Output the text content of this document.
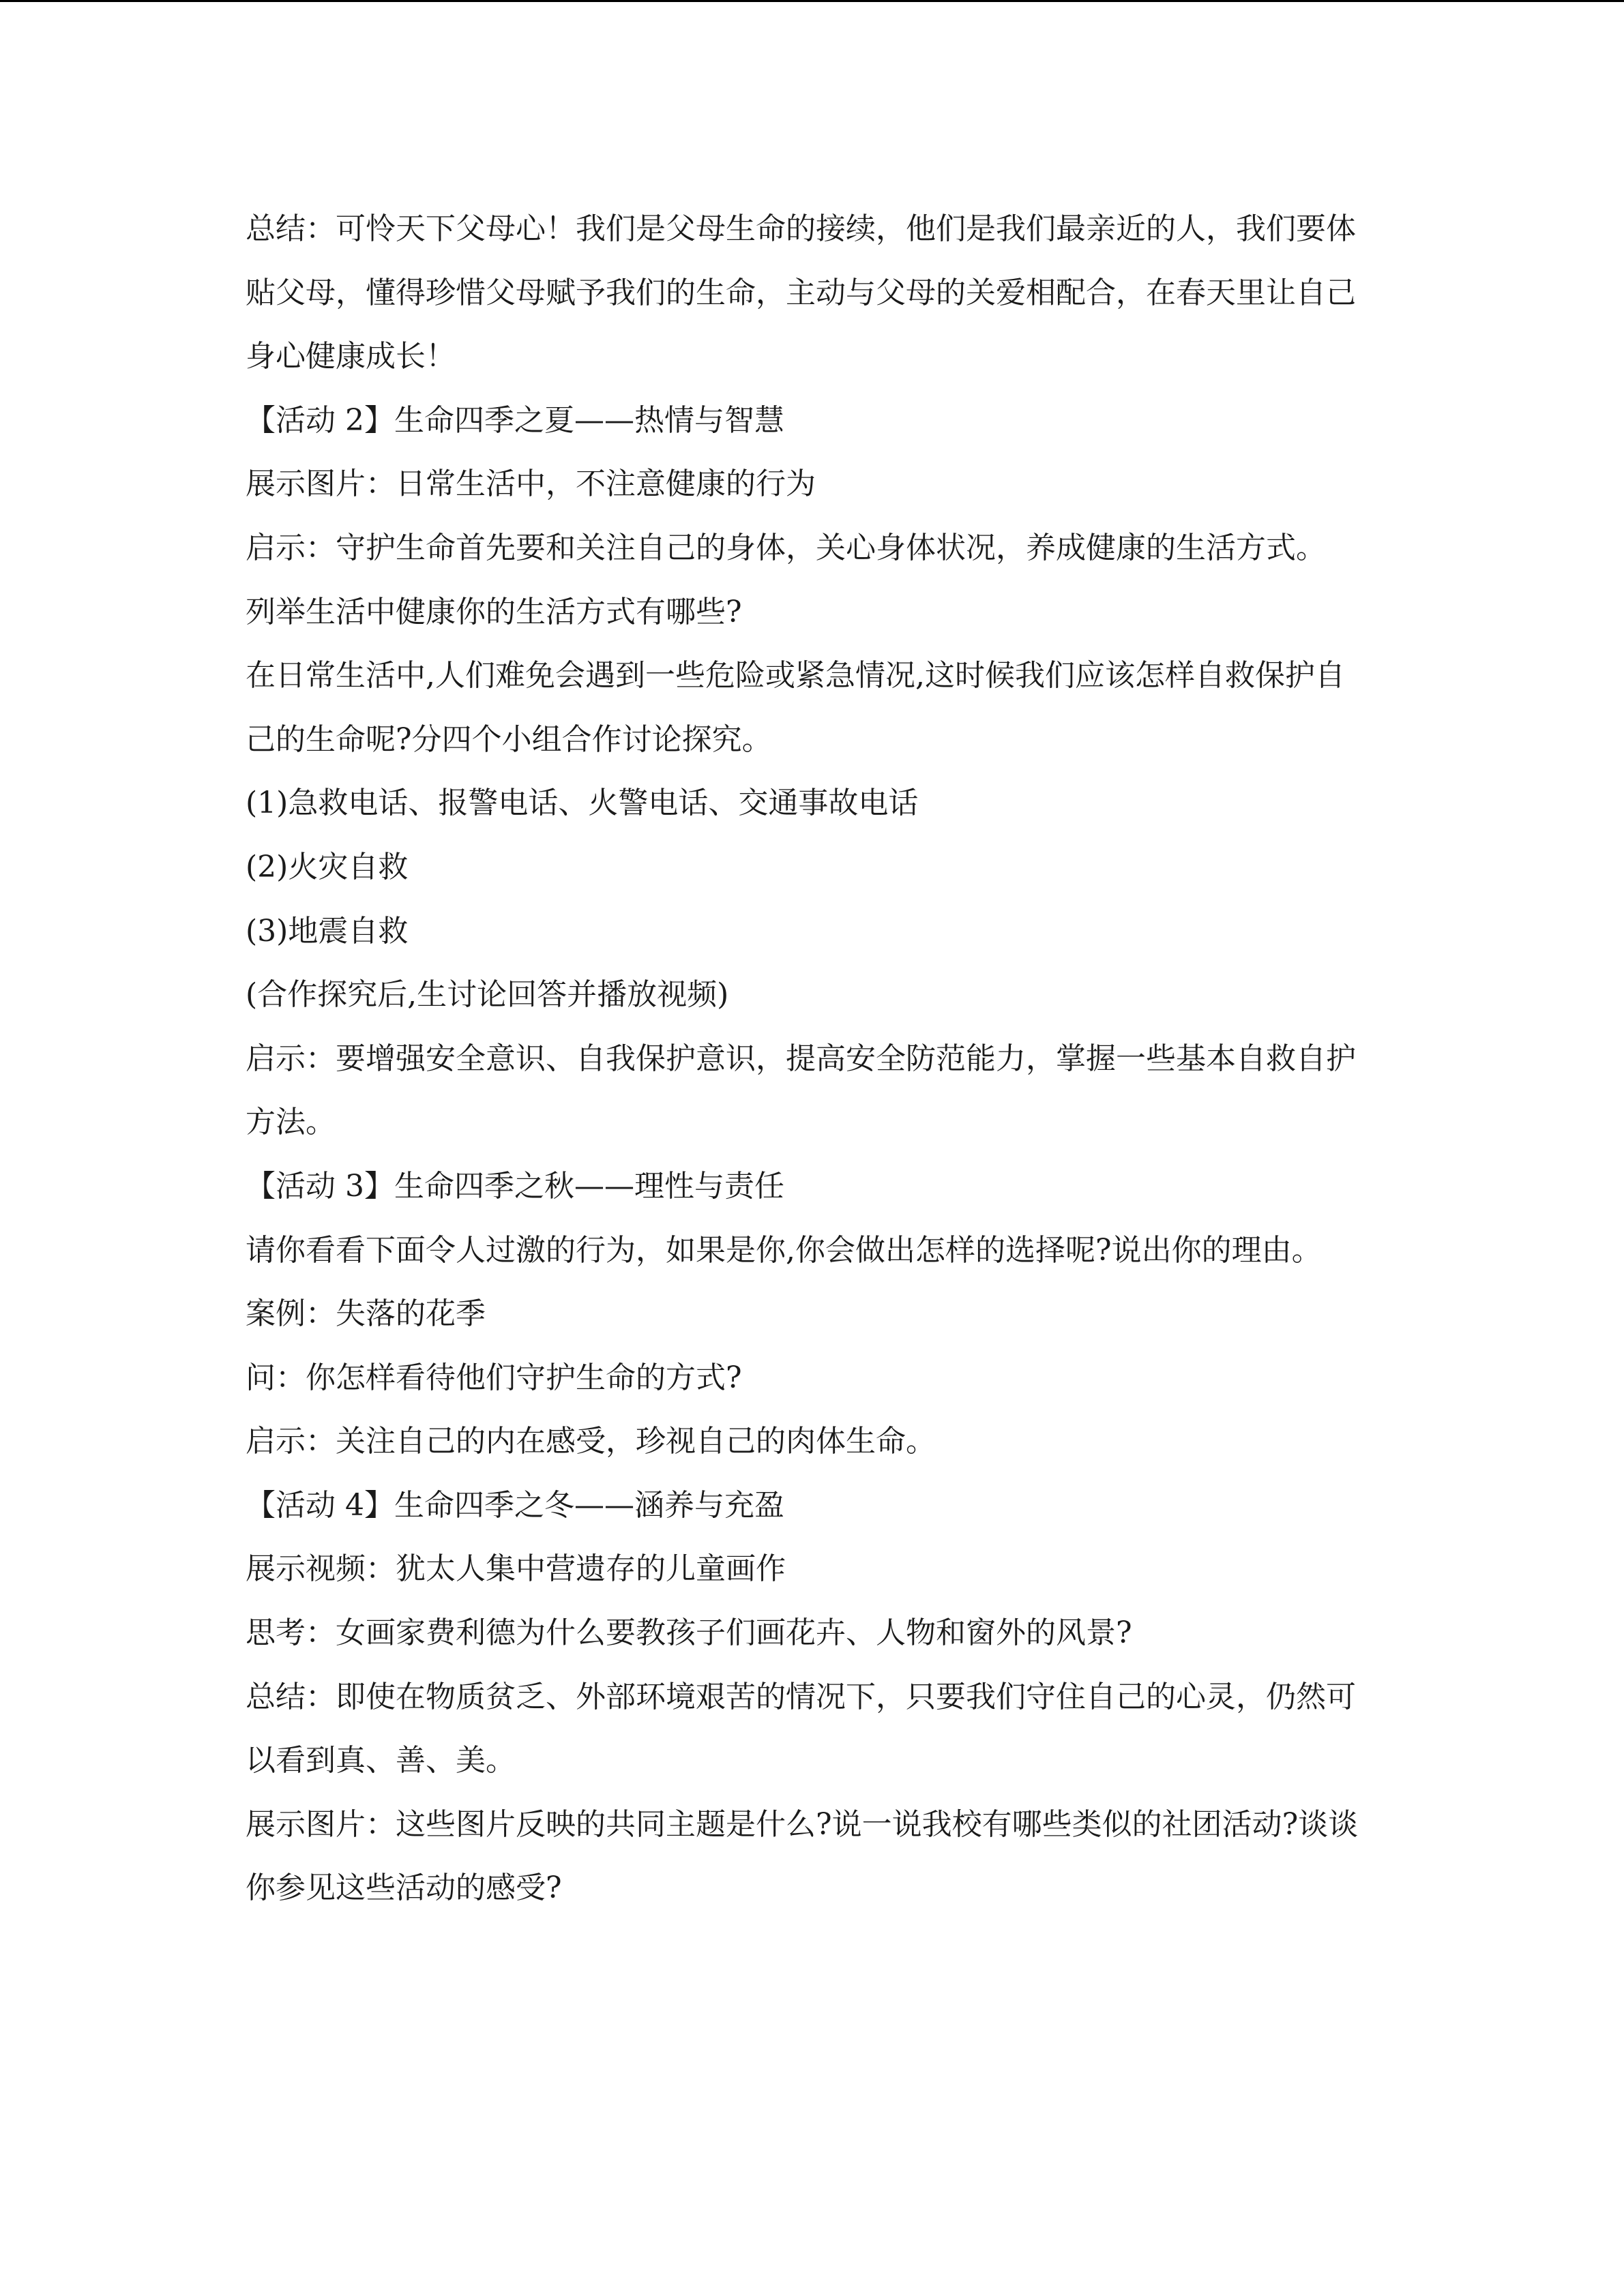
总结：可怜天下父母心！我们是父母生命的接续，他们是我们最亲近的人，我们要体贴父母，懂得珍惜父母赋予我们的生命，主动与父母的关爱相配合，在春天里让自己身心健康成长！

【活动 2】生命四季之夏——热情与智慧

展示图片：日常生活中，不注意健康的行为

启示：守护生命首先要和关注自己的身体，关心身体状况，养成健康的生活方式。

列举生活中健康你的生活方式有哪些?

在日常生活中,人们难免会遇到一些危险或紧急情况,这时候我们应该怎样自救保护自己的生命呢?分四个小组合作讨论探究。

(1)急救电话、报警电话、火警电话、交通事故电话

(2)火灾自救

(3)地震自救

(合作探究后,生讨论回答并播放视频)

启示：要增强安全意识、自我保护意识，提高安全防范能力，掌握一些基本自救自护方法。

【活动 3】生命四季之秋——理性与责任

请你看看下面令人过激的行为，如果是你,你会做出怎样的选择呢?说出你的理由。

案例：失落的花季

问：你怎样看待他们守护生命的方式?

启示：关注自己的内在感受，珍视自己的肉体生命。

【活动 4】生命四季之冬——涵养与充盈

展示视频：犹太人集中营遗存的儿童画作

思考：女画家费利德为什么要教孩子们画花卉、人物和窗外的风景?

总结：即使在物质贫乏、外部环境艰苦的情况下，只要我们守住自己的心灵，仍然可以看到真、善、美。

展示图片：这些图片反映的共同主题是什么?说一说我校有哪些类似的社团活动?谈谈你参见这些活动的感受?
